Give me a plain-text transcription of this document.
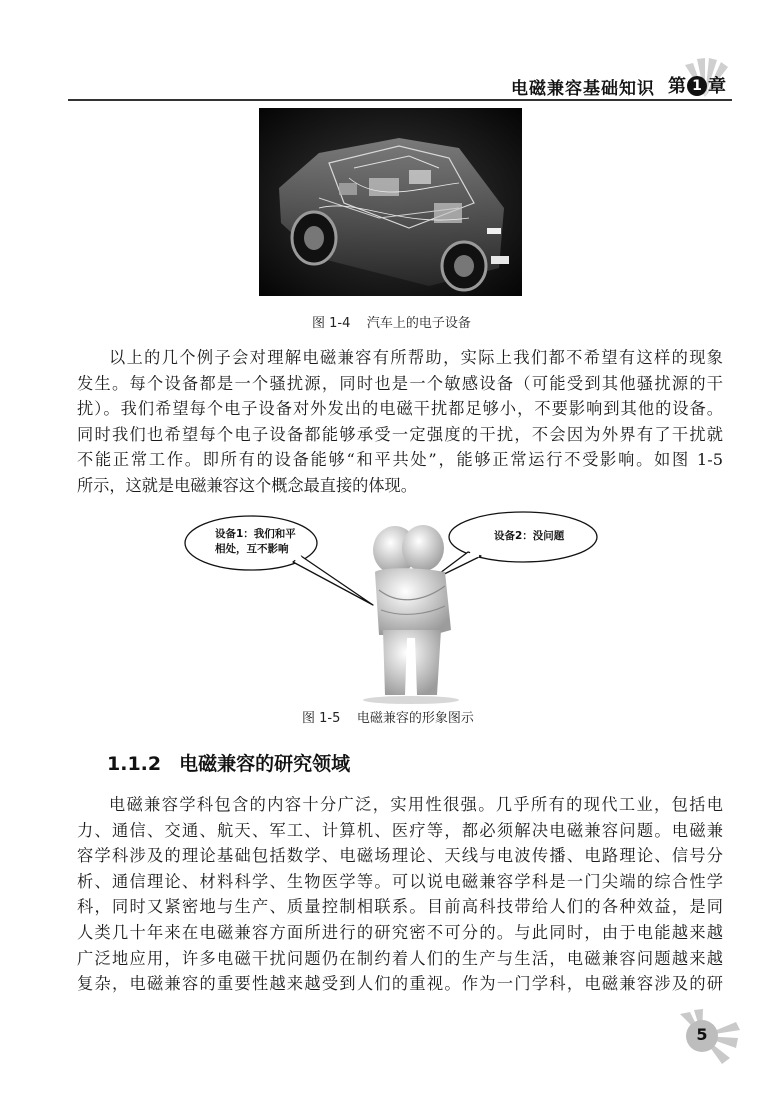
电磁兼容基础知识 第 1 章
图 1-4    汽车上的电子设备
以上的几个例子会对理解电磁兼容有所帮助，实际上我们都不希望有这样的现象
发生。每个设备都是一个骚扰源，同时也是一个敏感设备（可能受到其他骚扰源的干
扰）。我们希望每个电子设备对外发出的电磁干扰都足够小，不要影响到其他的设备。
同时我们也希望每个电子设备都能够承受一定强度的干扰，不会因为外界有了干扰就
不能正常工作。即所有的设备能够“和平共处”，能够正常运行不受影响。如图 1-5
所示，这就是电磁兼容这个概念最直接的体现。
设备1：我们和平
相处，互不影响
设备2：没问题
图 1-5    电磁兼容的形象图示
1.1.2 电磁兼容的研究领域
电磁兼容学科包含的内容十分广泛，实用性很强。几乎所有的现代工业，包括电
力、通信、交通、航天、军工、计算机、医疗等，都必须解决电磁兼容问题。电磁兼
容学科涉及的理论基础包括数学、电磁场理论、天线与电波传播、电路理论、信号分
析、通信理论、材料科学、生物医学等。可以说电磁兼容学科是一门尖端的综合性学
科，同时又紧密地与生产、质量控制相联系。目前高科技带给人们的各种效益，是同
人类几十年来在电磁兼容方面所进行的研究密不可分的。与此同时，由于电能越来越
广泛地应用，许多电磁干扰问题仍在制约着人们的生产与生活，电磁兼容问题越来越
复杂，电磁兼容的重要性越来越受到人们的重视。作为一门学科，电磁兼容涉及的研
5
